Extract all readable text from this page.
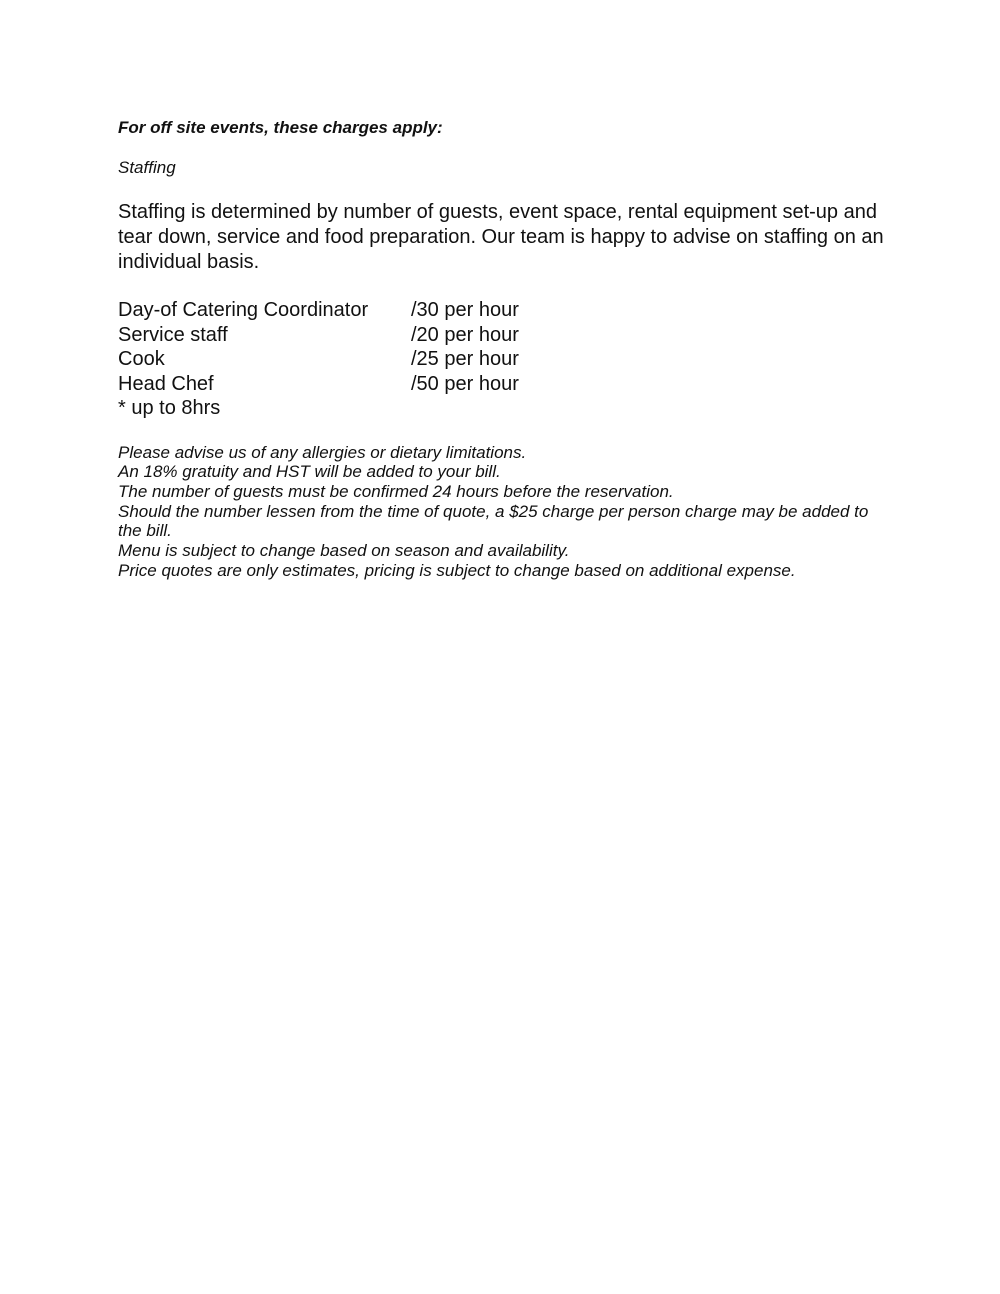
For off site events, these charges apply:

Staffing

Staffing is determined by number of guests, event space, rental equipment set-up and tear down, service and food preparation. Our team is happy to advise on staffing on an individual basis.

Day-of Catering Coordinator	/30 per hour
Service staff	/20 per hour
Cook	/25 per hour
Head Chef	/50 per hour
* up to 8hrs
Please advise us of any allergies or dietary limitations.
An 18% gratuity and HST will be added to your bill.
The number of guests must be confirmed 24 hours before the reservation.
Should the number lessen from the time of quote, a $25 charge per person charge may be added to the bill.
Menu is subject to change based on season and availability.
Price quotes are only estimates, pricing is subject to change based on additional expense.
